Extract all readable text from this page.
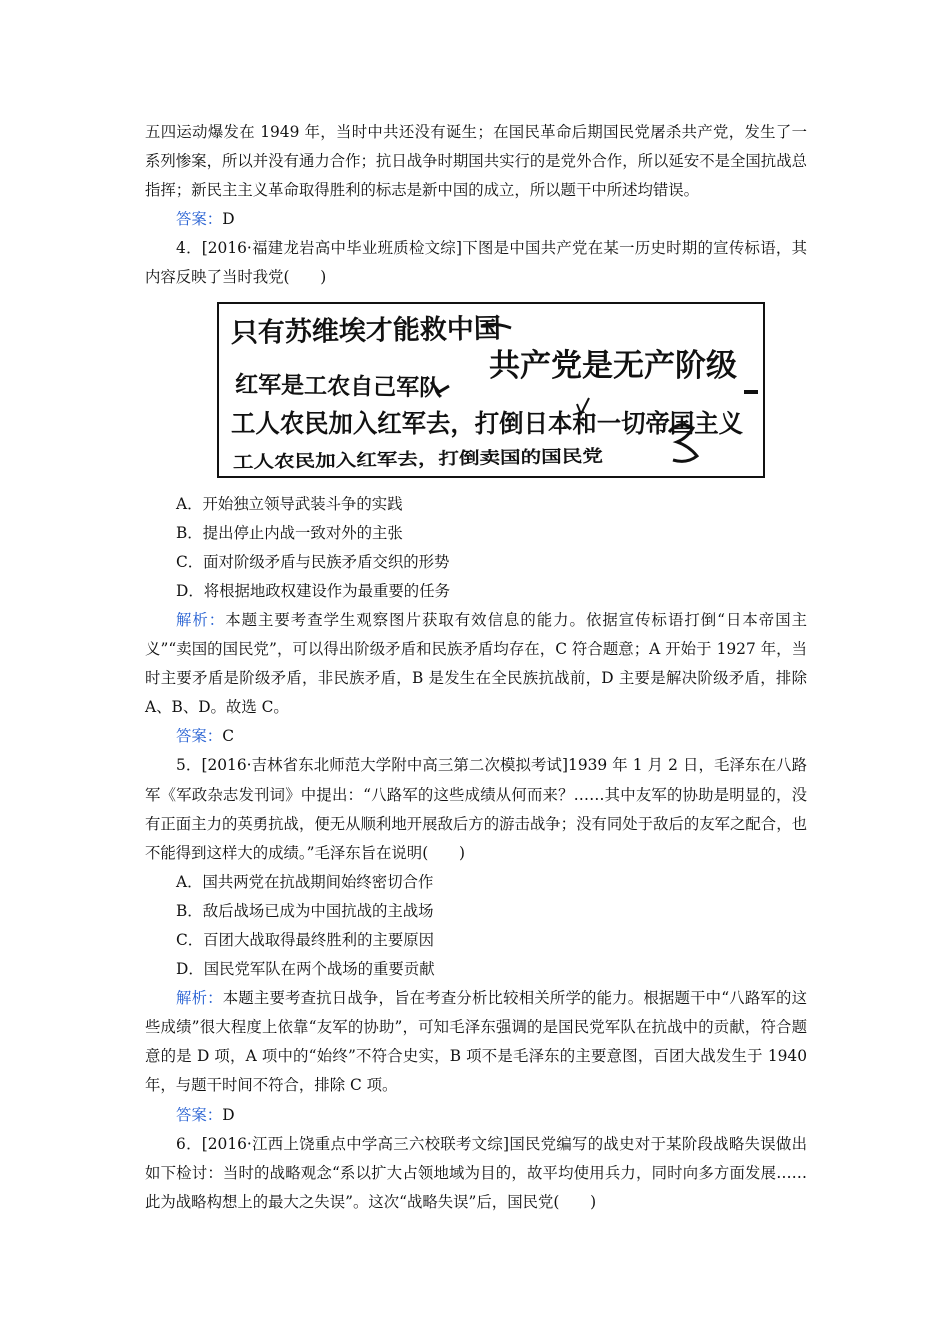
五四运动爆发在 1949 年，当时中共还没有诞生；在国民革命后期国民党屠杀共产党，发生了一系列惨案，所以并没有通力合作；抗日战争时期国共实行的是党外合作，所以延安不是全国抗战总指挥；新民主主义革命取得胜利的标志是新中国的成立，所以题干中所述均错误。

答案：D

4．[2016·福建龙岩高中毕业班质检文综]下图是中国共产党在某一历史时期的宣传标语，其内容反映了当时我党(　　)

只有苏维埃才能救中国
红军是工农自己军队
共产党是无产阶级
工人农民加入红军去，打倒日本和一切帝国主义
工人农民加入红军去，打倒卖国的国民党

A．开始独立领导武装斗争的实践

B．提出停止内战一致对外的主张

C．面对阶级矛盾与民族矛盾交织的形势

D．将根据地政权建设作为最重要的任务

解析：本题主要考查学生观察图片获取有效信息的能力。依据宣传标语打倒“日本帝国主义”“卖国的国民党”，可以得出阶级矛盾和民族矛盾均存在，C 符合题意；A 开始于 1927 年，当时主要矛盾是阶级矛盾，非民族矛盾，B 是发生在全民族抗战前，D 主要是解决阶级矛盾，排除 A、B、D。故选 C。

答案：C

5．[2016·吉林省东北师范大学附中高三第二次模拟考试]1939 年 1 月 2 日，毛泽东在八路军《军政杂志发刊词》中提出：“八路军的这些成绩从何而来？……其中友军的协助是明显的，没有正面主力的英勇抗战，便无从顺利地开展敌后方的游击战争；没有同处于敌后的友军之配合，也不能得到这样大的成绩。”毛泽东旨在说明(　　)

A．国共两党在抗战期间始终密切合作

B．敌后战场已成为中国抗战的主战场

C．百团大战取得最终胜利的主要原因

D．国民党军队在两个战场的重要贡献

解析：本题主要考查抗日战争，旨在考查分析比较相关所学的能力。根据题干中“八路军的这些成绩”很大程度上依靠“友军的协助”，可知毛泽东强调的是国民党军队在抗战中的贡献，符合题意的是 D 项，A 项中的“始终”不符合史实，B 项不是毛泽东的主要意图，百团大战发生于 1940 年，与题干时间不符合，排除 C 项。

答案：D

6．[2016·江西上饶重点中学高三六校联考文综]国民党编写的战史对于某阶段战略失误做出如下检讨：当时的战略观念“系以扩大占领地域为目的，故平均使用兵力，同时向多方面发展……此为战略构想上的最大之失误”。这次“战略失误”后，国民党(　　)
